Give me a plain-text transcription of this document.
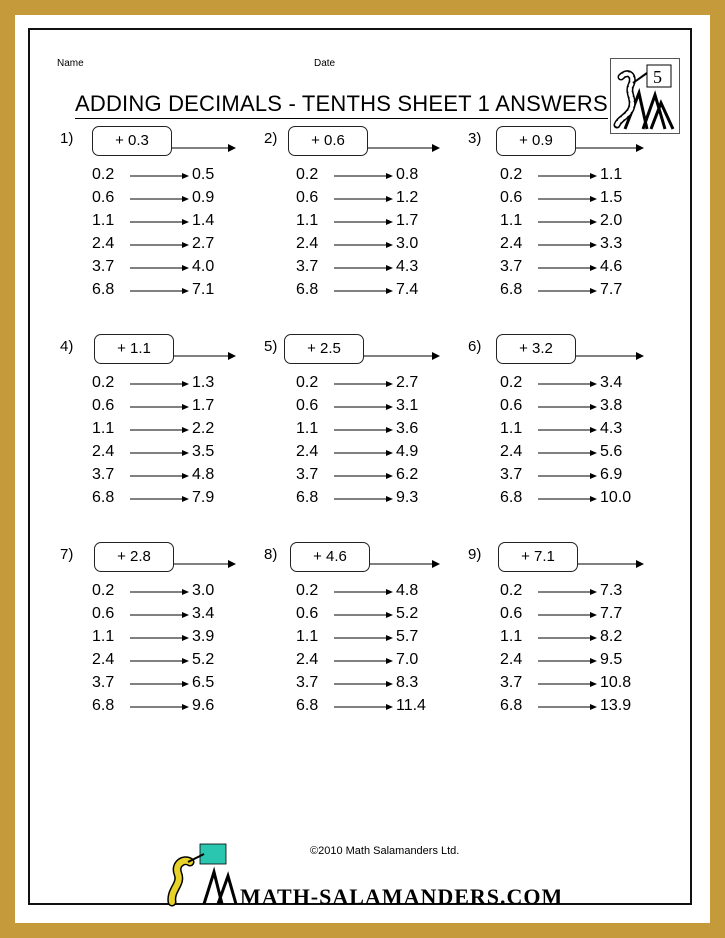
Name	Date
ADDING DECIMALS - TENTHS SHEET 1 ANSWERS
5
1)	+ 0.3
0.2	0.5
0.6	0.9
1.1	1.4
2.4	2.7
3.7	4.0
6.8	7.1
2)	+ 0.6
0.2	0.8
0.6	1.2
1.1	1.7
2.4	3.0
3.7	4.3
6.8	7.4
3)	+ 0.9
0.2	1.1
0.6	1.5
1.1	2.0
2.4	3.3
3.7	4.6
6.8	7.7
4)	+ 1.1
0.2	1.3
0.6	1.7
1.1	2.2
2.4	3.5
3.7	4.8
6.8	7.9
5)	+ 2.5
0.2	2.7
0.6	3.1
1.1	3.6
2.4	4.9
3.7	6.2
6.8	9.3
6)	+ 3.2
0.2	3.4
0.6	3.8
1.1	4.3
2.4	5.6
3.7	6.9
6.8	10.0
7)	+ 2.8
0.2	3.0
0.6	3.4
1.1	3.9
2.4	5.2
3.7	6.5
6.8	9.6
8)	+ 4.6
0.2	4.8
0.6	5.2
1.1	5.7
2.4	7.0
3.7	8.3
6.8	11.4
9)	+ 7.1
0.2	7.3
0.6	7.7
1.1	8.2
2.4	9.5
3.7	10.8
6.8	13.9
MATH-SALAMANDERS.COM
©2010 Math Salamanders Ltd.
